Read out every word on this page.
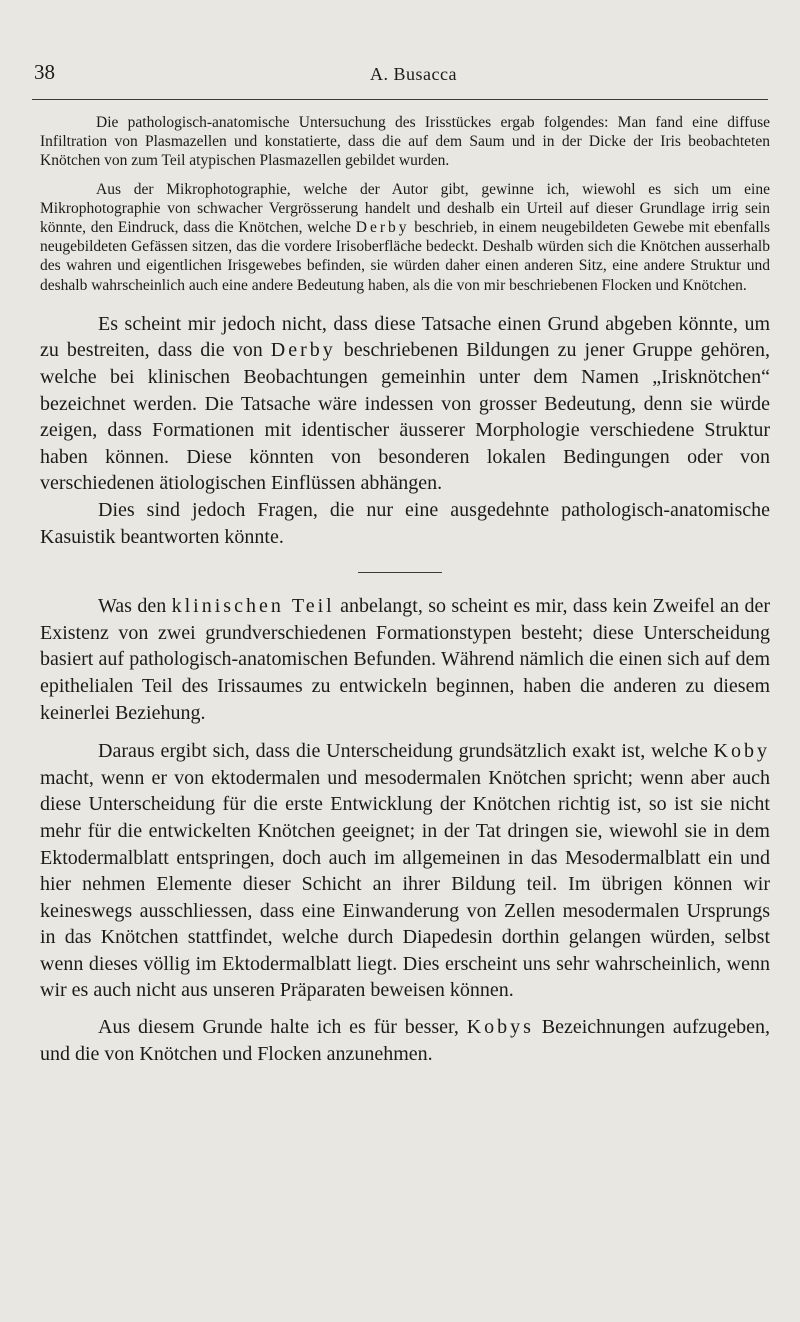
38	A. Busacca

Die pathologisch-anatomische Untersuchung des Irisstückes ergab folgendes: Man fand eine diffuse Infiltration von Plasmazellen und konstatierte, dass die auf dem Saum und in der Dicke der Iris beobachteten Knötchen von zum Teil atypischen Plasmazellen gebildet wurden.

Aus der Mikrophotographie, welche der Autor gibt, gewinne ich, wiewohl es sich um eine Mikrophotographie von schwacher Vergrösserung handelt und deshalb ein Urteil auf dieser Grundlage irrig sein könnte, den Eindruck, dass die Knötchen, welche Derby beschrieb, in einem neugebildeten Gewebe mit ebenfalls neugebildeten Gefässen sitzen, das die vordere Irisoberfläche bedeckt. Deshalb würden sich die Knötchen ausserhalb des wahren und eigentlichen Irisgewebes befinden, sie würden daher einen anderen Sitz, eine andere Struktur und deshalb wahrscheinlich auch eine andere Bedeutung haben, als die von mir beschriebenen Flocken und Knötchen.

Es scheint mir jedoch nicht, dass diese Tatsache einen Grund abgeben könnte, um zu bestreiten, dass die von Derby beschriebenen Bildungen zu jener Gruppe gehören, welche bei klinischen Beobachtungen gemeinhin unter dem Namen „Irisknötchen“ bezeichnet werden. Die Tatsache wäre indessen von grosser Bedeutung, denn sie würde zeigen, dass Formationen mit identischer äusserer Morphologie verschiedene Struktur haben können. Diese könnten von besonderen lokalen Bedingungen oder von verschiedenen ätiologischen Einflüssen abhängen.

Dies sind jedoch Fragen, die nur eine ausgedehnte pathologisch-anatomische Kasuistik beantworten könnte.

Was den klinischen Teil anbelangt, so scheint es mir, dass kein Zweifel an der Existenz von zwei grundverschiedenen Formationstypen besteht; diese Unterscheidung basiert auf pathologisch-anatomischen Befunden. Während nämlich die einen sich auf dem epithelialen Teil des Irissaumes zu entwickeln beginnen, haben die anderen zu diesem keinerlei Beziehung.

Daraus ergibt sich, dass die Unterscheidung grundsätzlich exakt ist, welche Koby macht, wenn er von ektodermalen und mesodermalen Knötchen spricht; wenn aber auch diese Unterscheidung für die erste Entwicklung der Knötchen richtig ist, so ist sie nicht mehr für die entwickelten Knötchen geeignet; in der Tat dringen sie, wiewohl sie in dem Ektodermalblatt entspringen, doch auch im allgemeinen in das Mesodermalblatt ein und hier nehmen Elemente dieser Schicht an ihrer Bildung teil. Im übrigen können wir keineswegs ausschliessen, dass eine Einwanderung von Zellen mesodermalen Ursprungs in das Knötchen stattfindet, welche durch Diapedesin dorthin gelangen würden, selbst wenn dieses völlig im Ektodermalblatt liegt. Dies erscheint uns sehr wahrscheinlich, wenn wir es auch nicht aus unseren Präparaten beweisen können.

Aus diesem Grunde halte ich es für besser, Kobys Bezeichnungen aufzugeben, und die von Knötchen und Flocken anzunehmen.
